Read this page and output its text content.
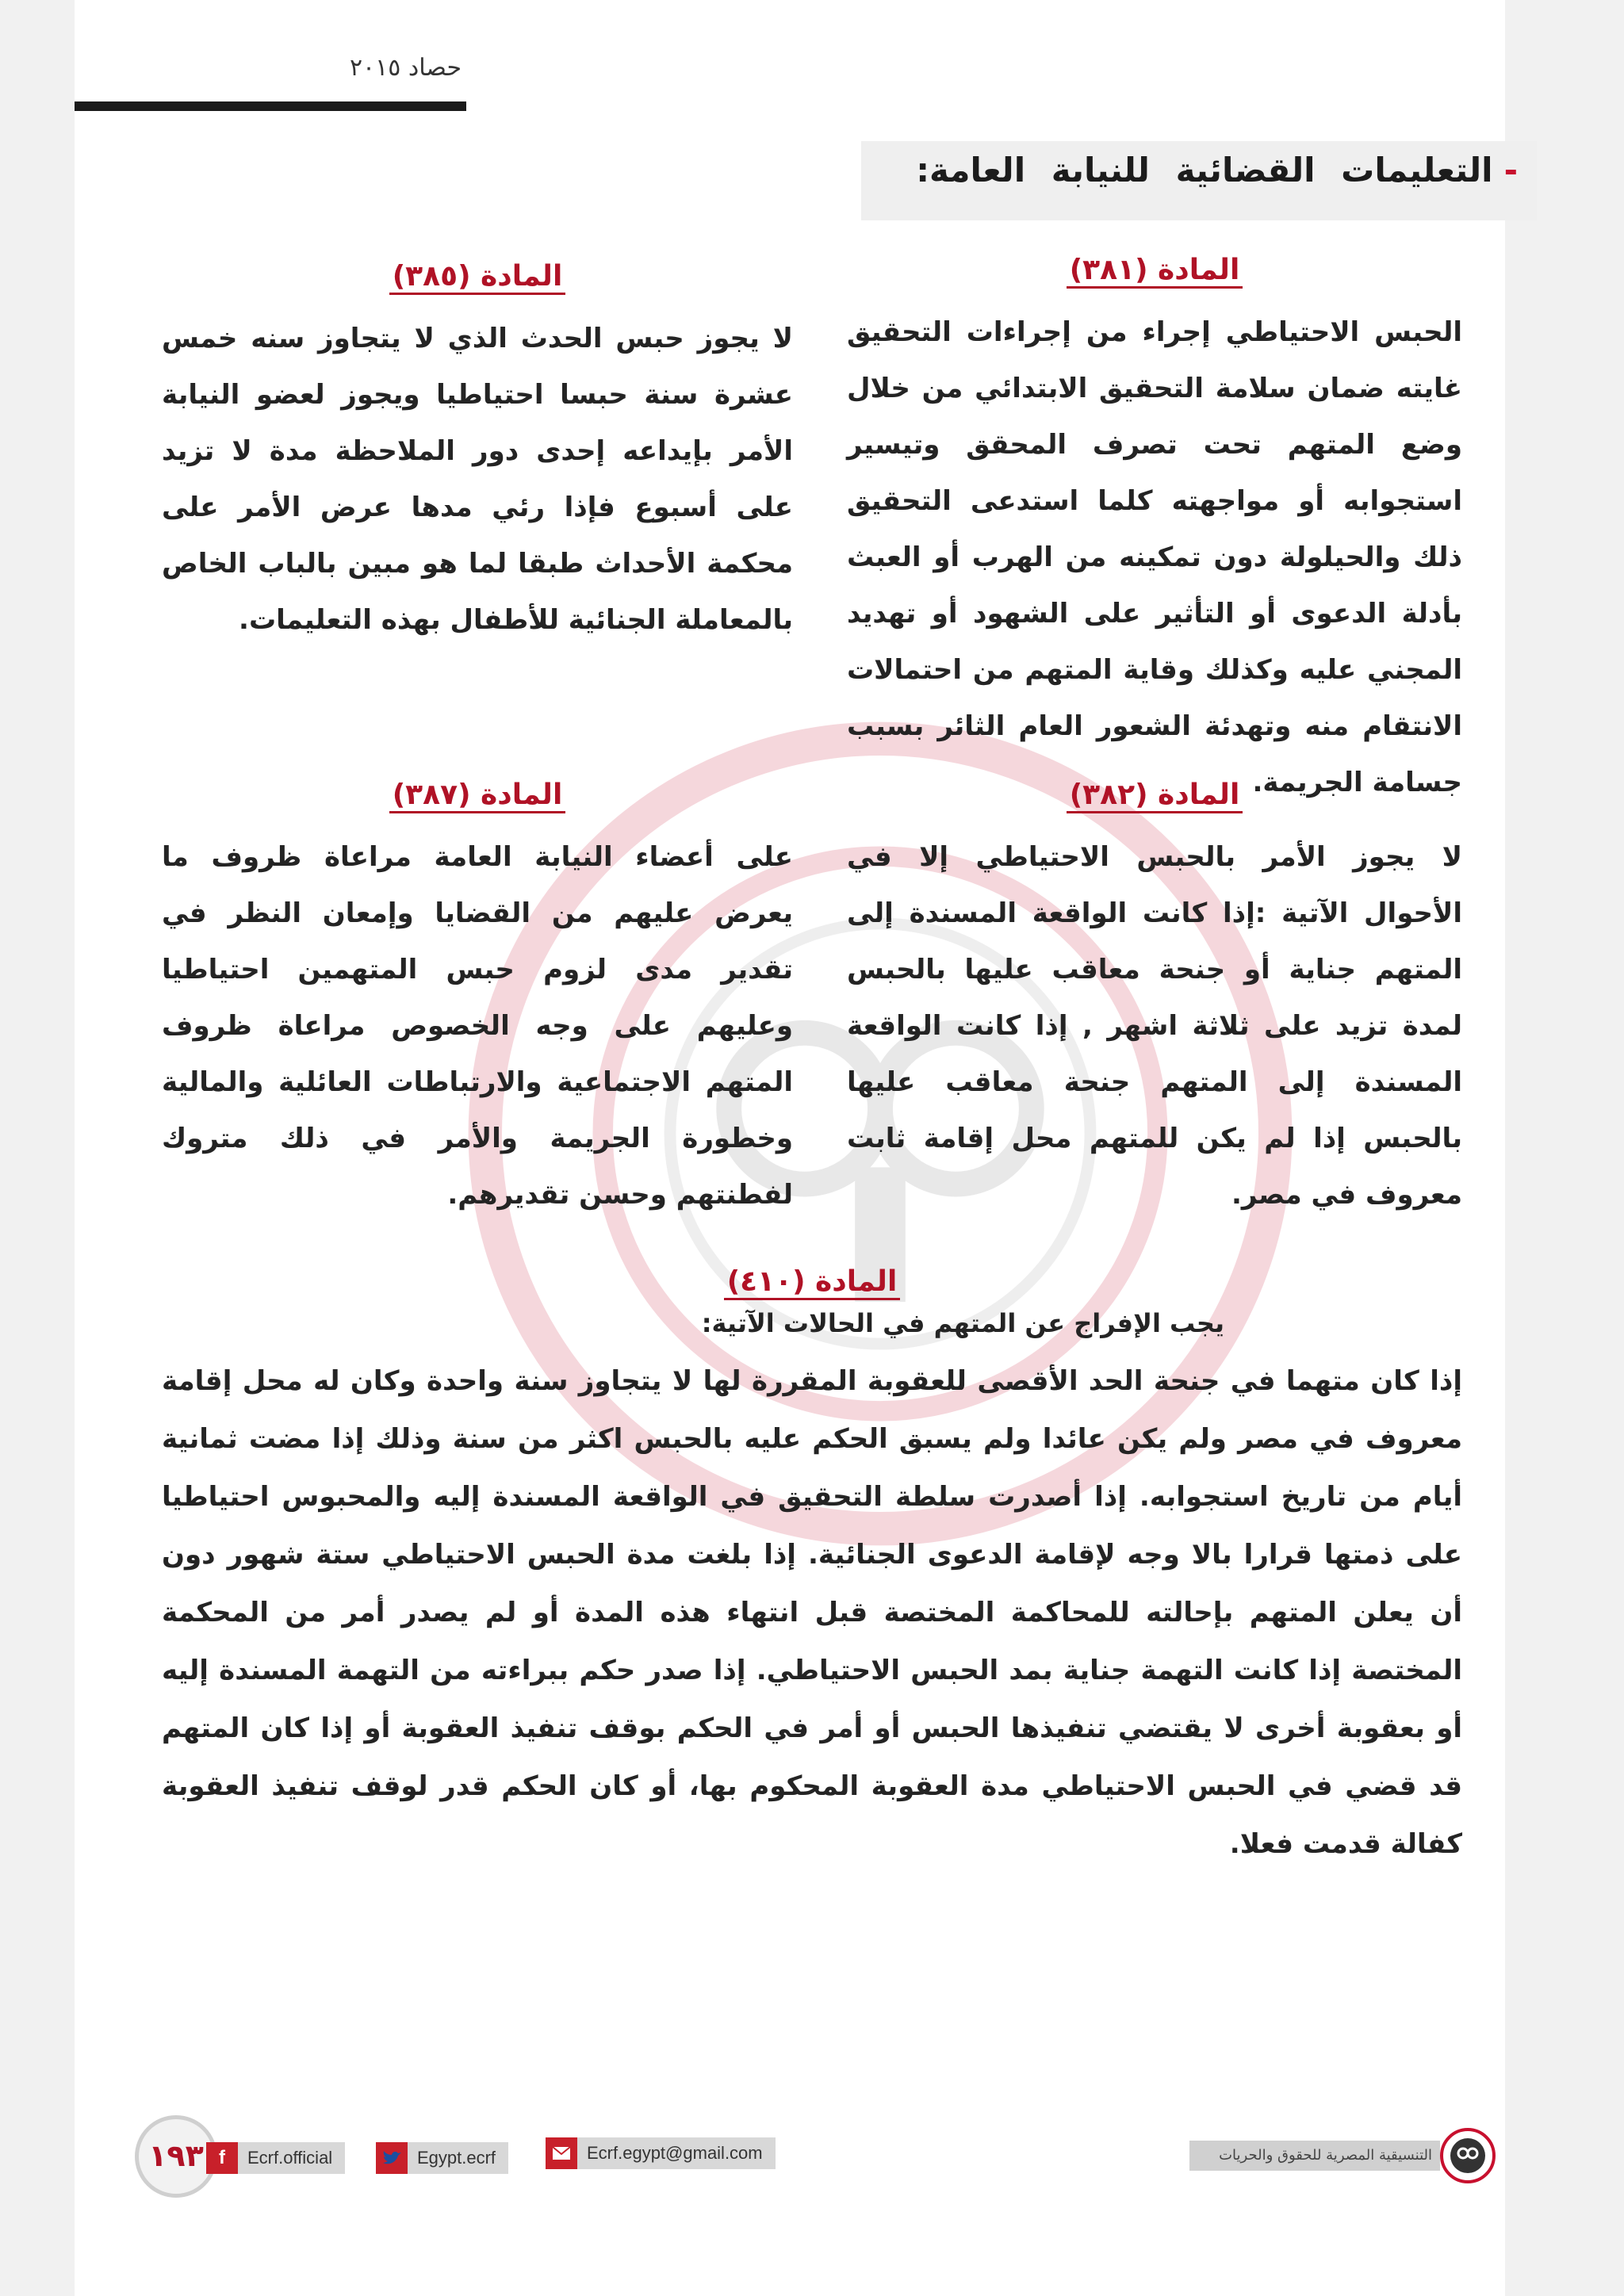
حصاد ٢٠١٥
-التعليمات القضائية للنيابة العامة:
المادة (٣٨١)
الحبس الاحتياطي إجراء من إجراءات التحقيق غايته ضمان سلامة التحقيق الابتدائي من خلال وضع المتهم تحت تصرف المحقق وتيسير استجوابه أو مواجهته كلما استدعى التحقيق ذلك والحيلولة دون تمكينه من الهرب أو العبث بأدلة الدعوى أو التأثير على الشهود أو تهديد المجني عليه وكذلك وقاية المتهم من احتمالات الانتقام منه وتهدئة الشعور العام الثائر بسبب جسامة الجريمة.
المادة (٣٨٥)
لا يجوز حبس الحدث الذي لا يتجاوز سنه خمس عشرة سنة حبسا احتياطيا ويجوز لعضو النيابة الأمر بإيداعه إحدى دور الملاحظة مدة لا تزيد على أسبوع فإذا رئي مدها عرض الأمر على محكمة الأحداث طبقا لما هو مبين بالباب الخاص بالمعاملة الجنائية للأطفال بهذه التعليمات.
المادة (٣٨٢)
لا يجوز الأمر بالحبس الاحتياطي إلا في الأحوال الآتية :إذا كانت الواقعة المسندة إلى المتهم جناية أو جنحة معاقب عليها بالحبس لمدة تزيد على ثلاثة اشهر , إذا كانت الواقعة المسندة إلى المتهم جنحة معاقب عليها بالحبس إذا لم يكن للمتهم محل إقامة ثابت معروف في مصر.
المادة (٣٨٧)
على أعضاء النيابة العامة مراعاة ظروف ما يعرض عليهم من القضايا وإمعان النظر في تقدير مدى لزوم حبس المتهمين احتياطيا وعليهم على وجه الخصوص مراعاة ظروف المتهم الاجتماعية والارتباطات العائلية والمالية وخطورة الجريمة والأمر في ذلك متروك لفطنتهم وحسن تقديرهم.
المادة (٤١٠)
يجب الإفراج عن المتهم في الحالات الآتية:
إذا كان متهما في جنحة الحد الأقصى للعقوبة المقررة لها لا يتجاوز سنة واحدة وكان له محل إقامة معروف في مصر ولم يكن عائدا ولم يسبق الحكم عليه بالحبس اكثر من سنة وذلك إذا مضت ثمانية أيام من تاريخ استجوابه. إذا أصدرت سلطة التحقيق في الواقعة المسندة إليه والمحبوس احتياطيا على ذمتها قرارا بالا وجه لإقامة الدعوى الجنائية. إذا بلغت مدة الحبس الاحتياطي ستة شهور دون أن يعلن المتهم بإحالته للمحاكمة المختصة قبل انتهاء هذه المدة أو لم يصدر أمر من المحكمة المختصة إذا كانت التهمة جناية بمد الحبس الاحتياطي. إذا صدر حكم ببراءته من التهمة المسندة إليه أو بعقوبة أخرى لا يقتضي تنفيذها الحبس أو أمر في الحكم بوقف تنفيذ العقوبة أو إذا كان المتهم قد قضي في الحبس الاحتياطي مدة العقوبة المحكوم بها، أو كان الحكم قدر لوقف تنفيذ العقوبة كفالة قدمت فعلا.
١٩٣ f	Ecrf.official	Egypt.ecrf	Ecrf.egypt@gmail.com	التنسيقية المصرية للحقوق والحريات
